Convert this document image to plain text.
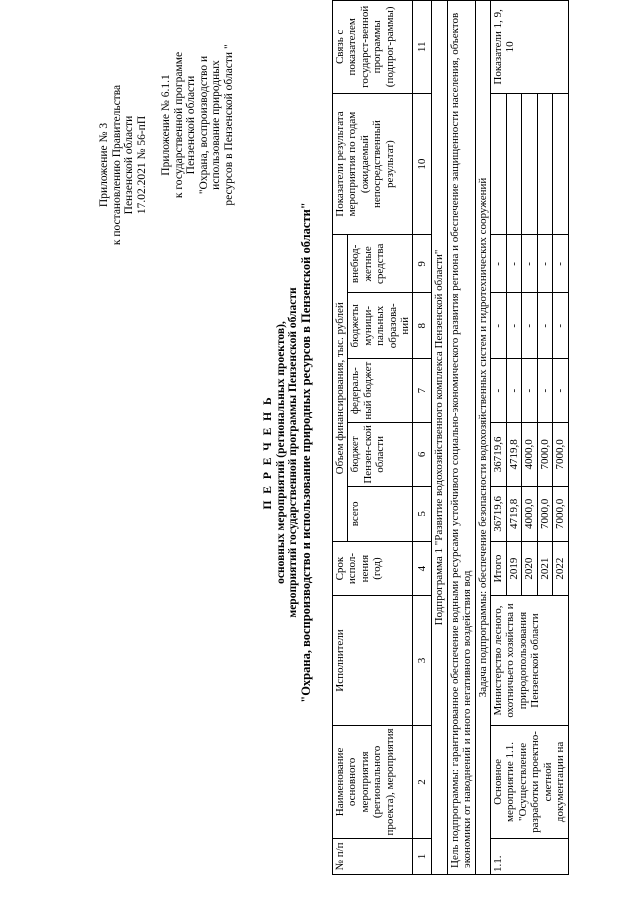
Приложение № 3 к постановлению Правительства Пензенской области 17.02.2021 № 56-пП Приложение № 6.1.1 к государственной программе Пензенской области "Охрана, воспроизводство и использование природных ресурсов в Пензенской области "
П Е Р Е Ч Е Н Ь основных мероприятий (региональных проектов), мероприятий государственной программы Пензенской области "Охрана, воспроизводство и использование природных ресурсов в Пензенской области"
№ п/п	Наименование основного мероприятия (регионального проекта), мероприятия	Исполнители	Срок испол-нения (год)	Объем финансирования, тыс. рублей					Показатели результата мероприятия по годам (ожидаемый непосредственный результат)	Связь с показателем государст-венной программы (подпрог-раммы)
				всего	бюджет Пензен-ской области	федераль-ный бюджет	бюджеты муници-пальных образова-ний	внебюд-жетные средства		
1	2	3	4	5	6	7	8	9	10	11
Подпрограмма 1 "Развитие водохозяйственного комплекса Пензенской области"										
Цель подпрограммы: гарантированное обеспечение водными ресурсами устойчивого социально-экономического развития региона и обеспечение защищенности населения, объектов экономики от наводнений и иного негативного воздействия вод										
Задача подпрограммы: обеспечение безопасности водохозяйственных систем и гидротехнических сооружений										
1.1.	Основное мероприятие 1.1. "Осуществление разработки проектно-сметной документации на	Министерство лесного, охотничьего хозяйства и природопользования Пензенской области	Итого	36719,6	36719,6	-	-	-		Показатели 1, 9, 10
			2019	4719,8	4719,8	-	-	-		
			2020	4000,0	4000,0	-	-	-		
			2021	7000,0	7000,0	-	-	-		
			2022	7000,0	7000,0	-	-	-		
